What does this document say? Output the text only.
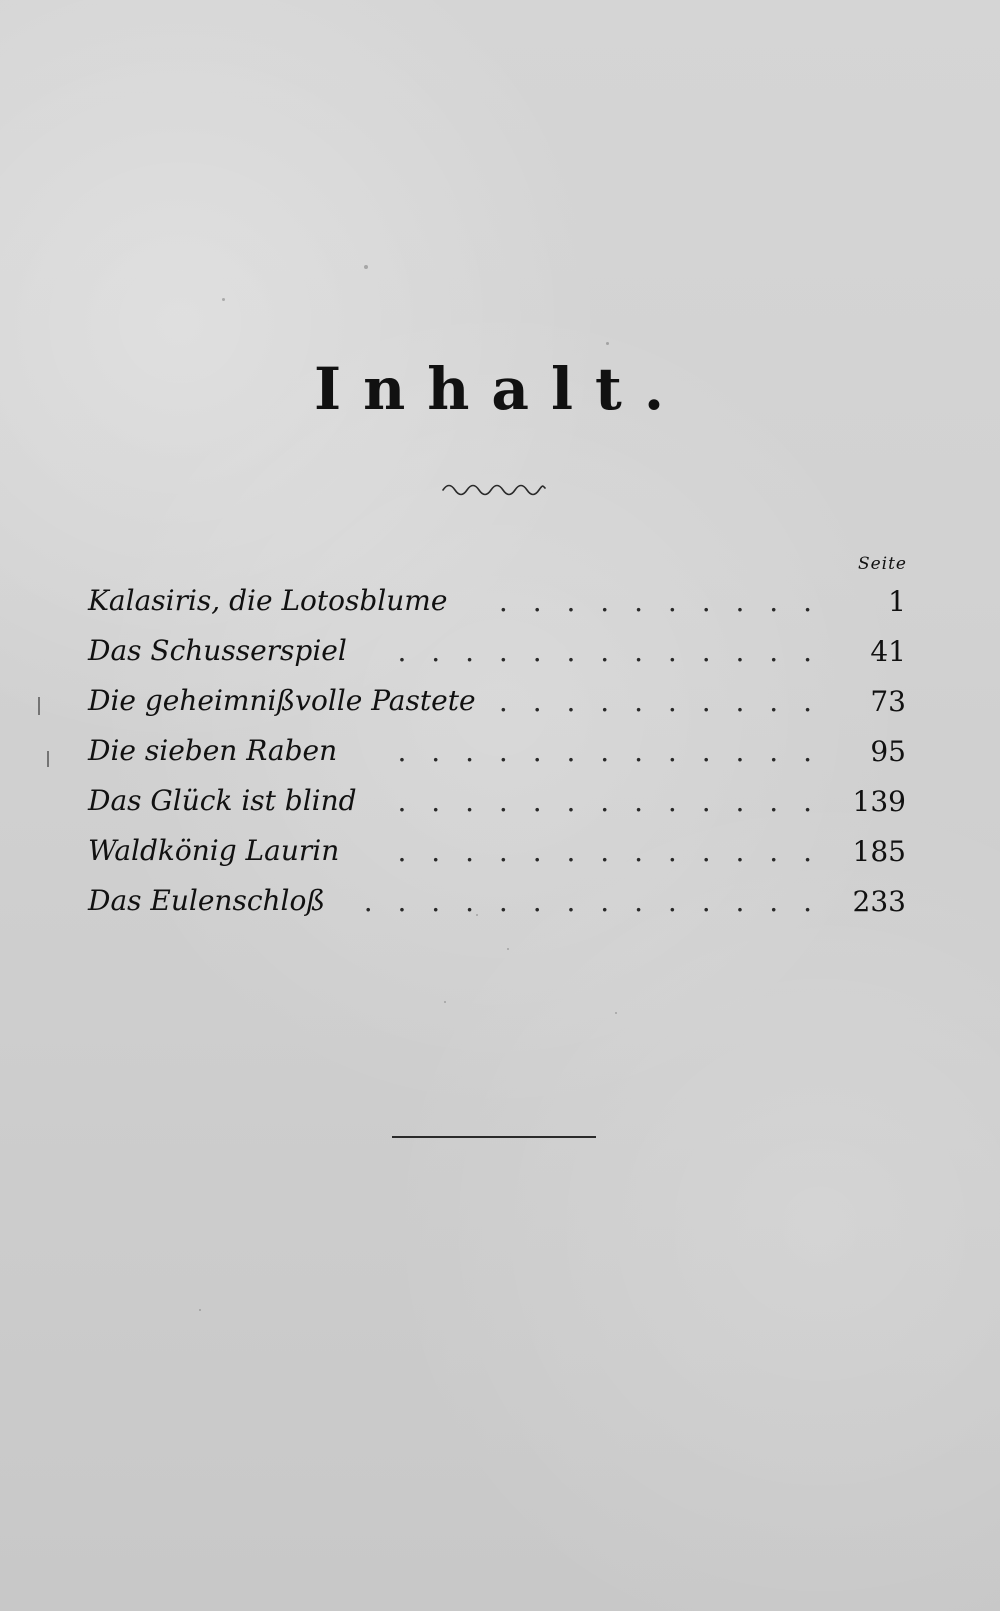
Inhalt.
Seite
Kalasiris, die Lotosblume . . . . . . . . . .	1
Das Schusserspiel . . . . . . . . . . . . .	41
Die geheimnißvolle Pastete . . . . . . . . . .	73
Die sieben Raben . . . . . . . . . . . . .	95
Das Glück ist blind . . . . . . . . . . . . .	139
Waldkönig Laurin . . . . . . . . . . . . .	185
Das Eulenschloß . . . . . . . . . . . . . .	233
